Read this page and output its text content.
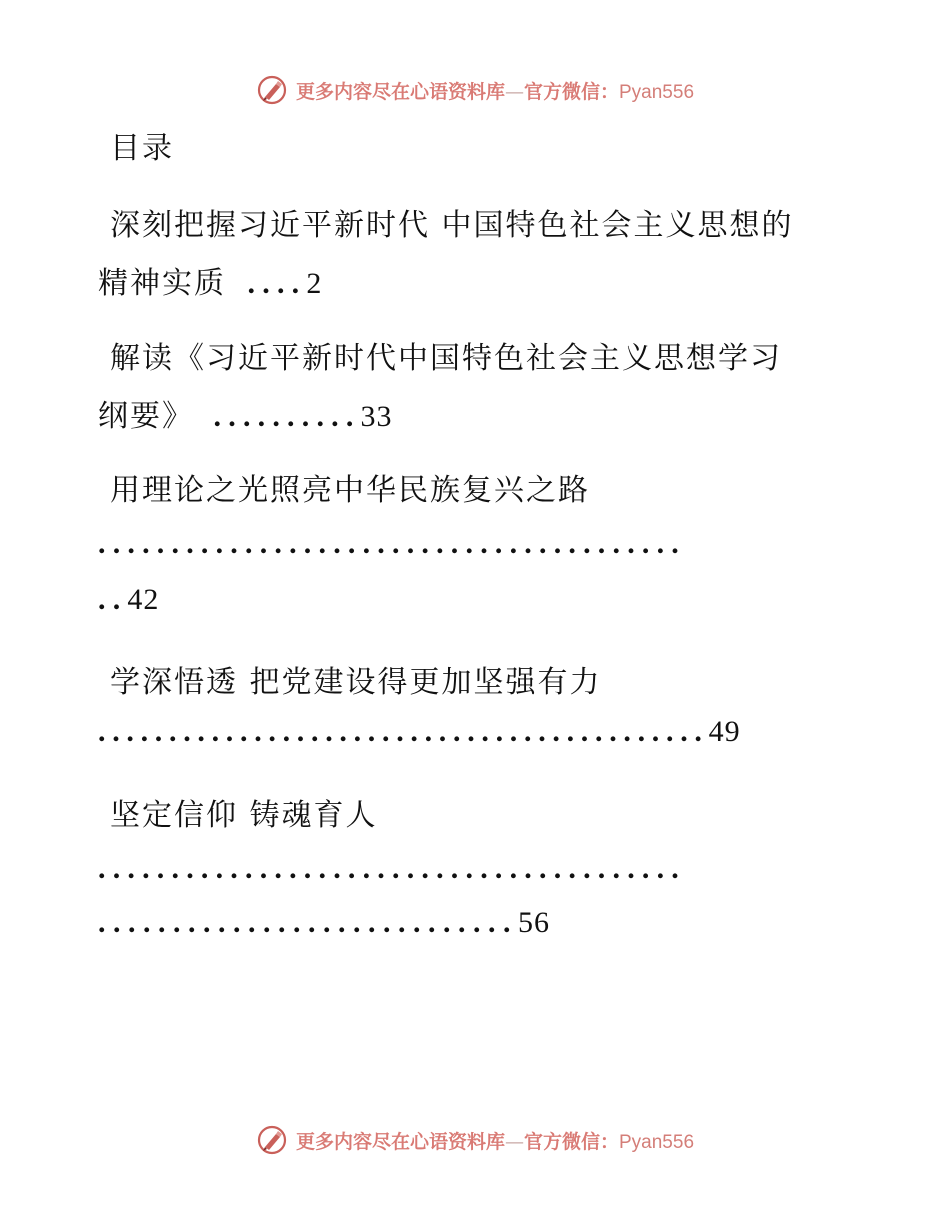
更多内容尽在心语资料库—官方微信：Pyan556
目录
深刻把握习近平新时代 中国特色社会主义思想的
精神实质 ....2
解读《习近平新时代中国特色社会主义思想学习
纲要》 ..........33
用理论之光照亮中华民族复兴之路
........................................
..42
学深悟透 把党建设得更加坚强有力
...........................................49
坚定信仰 铸魂育人
........................................
............................56
更多内容尽在心语资料库—官方微信：Pyan556
